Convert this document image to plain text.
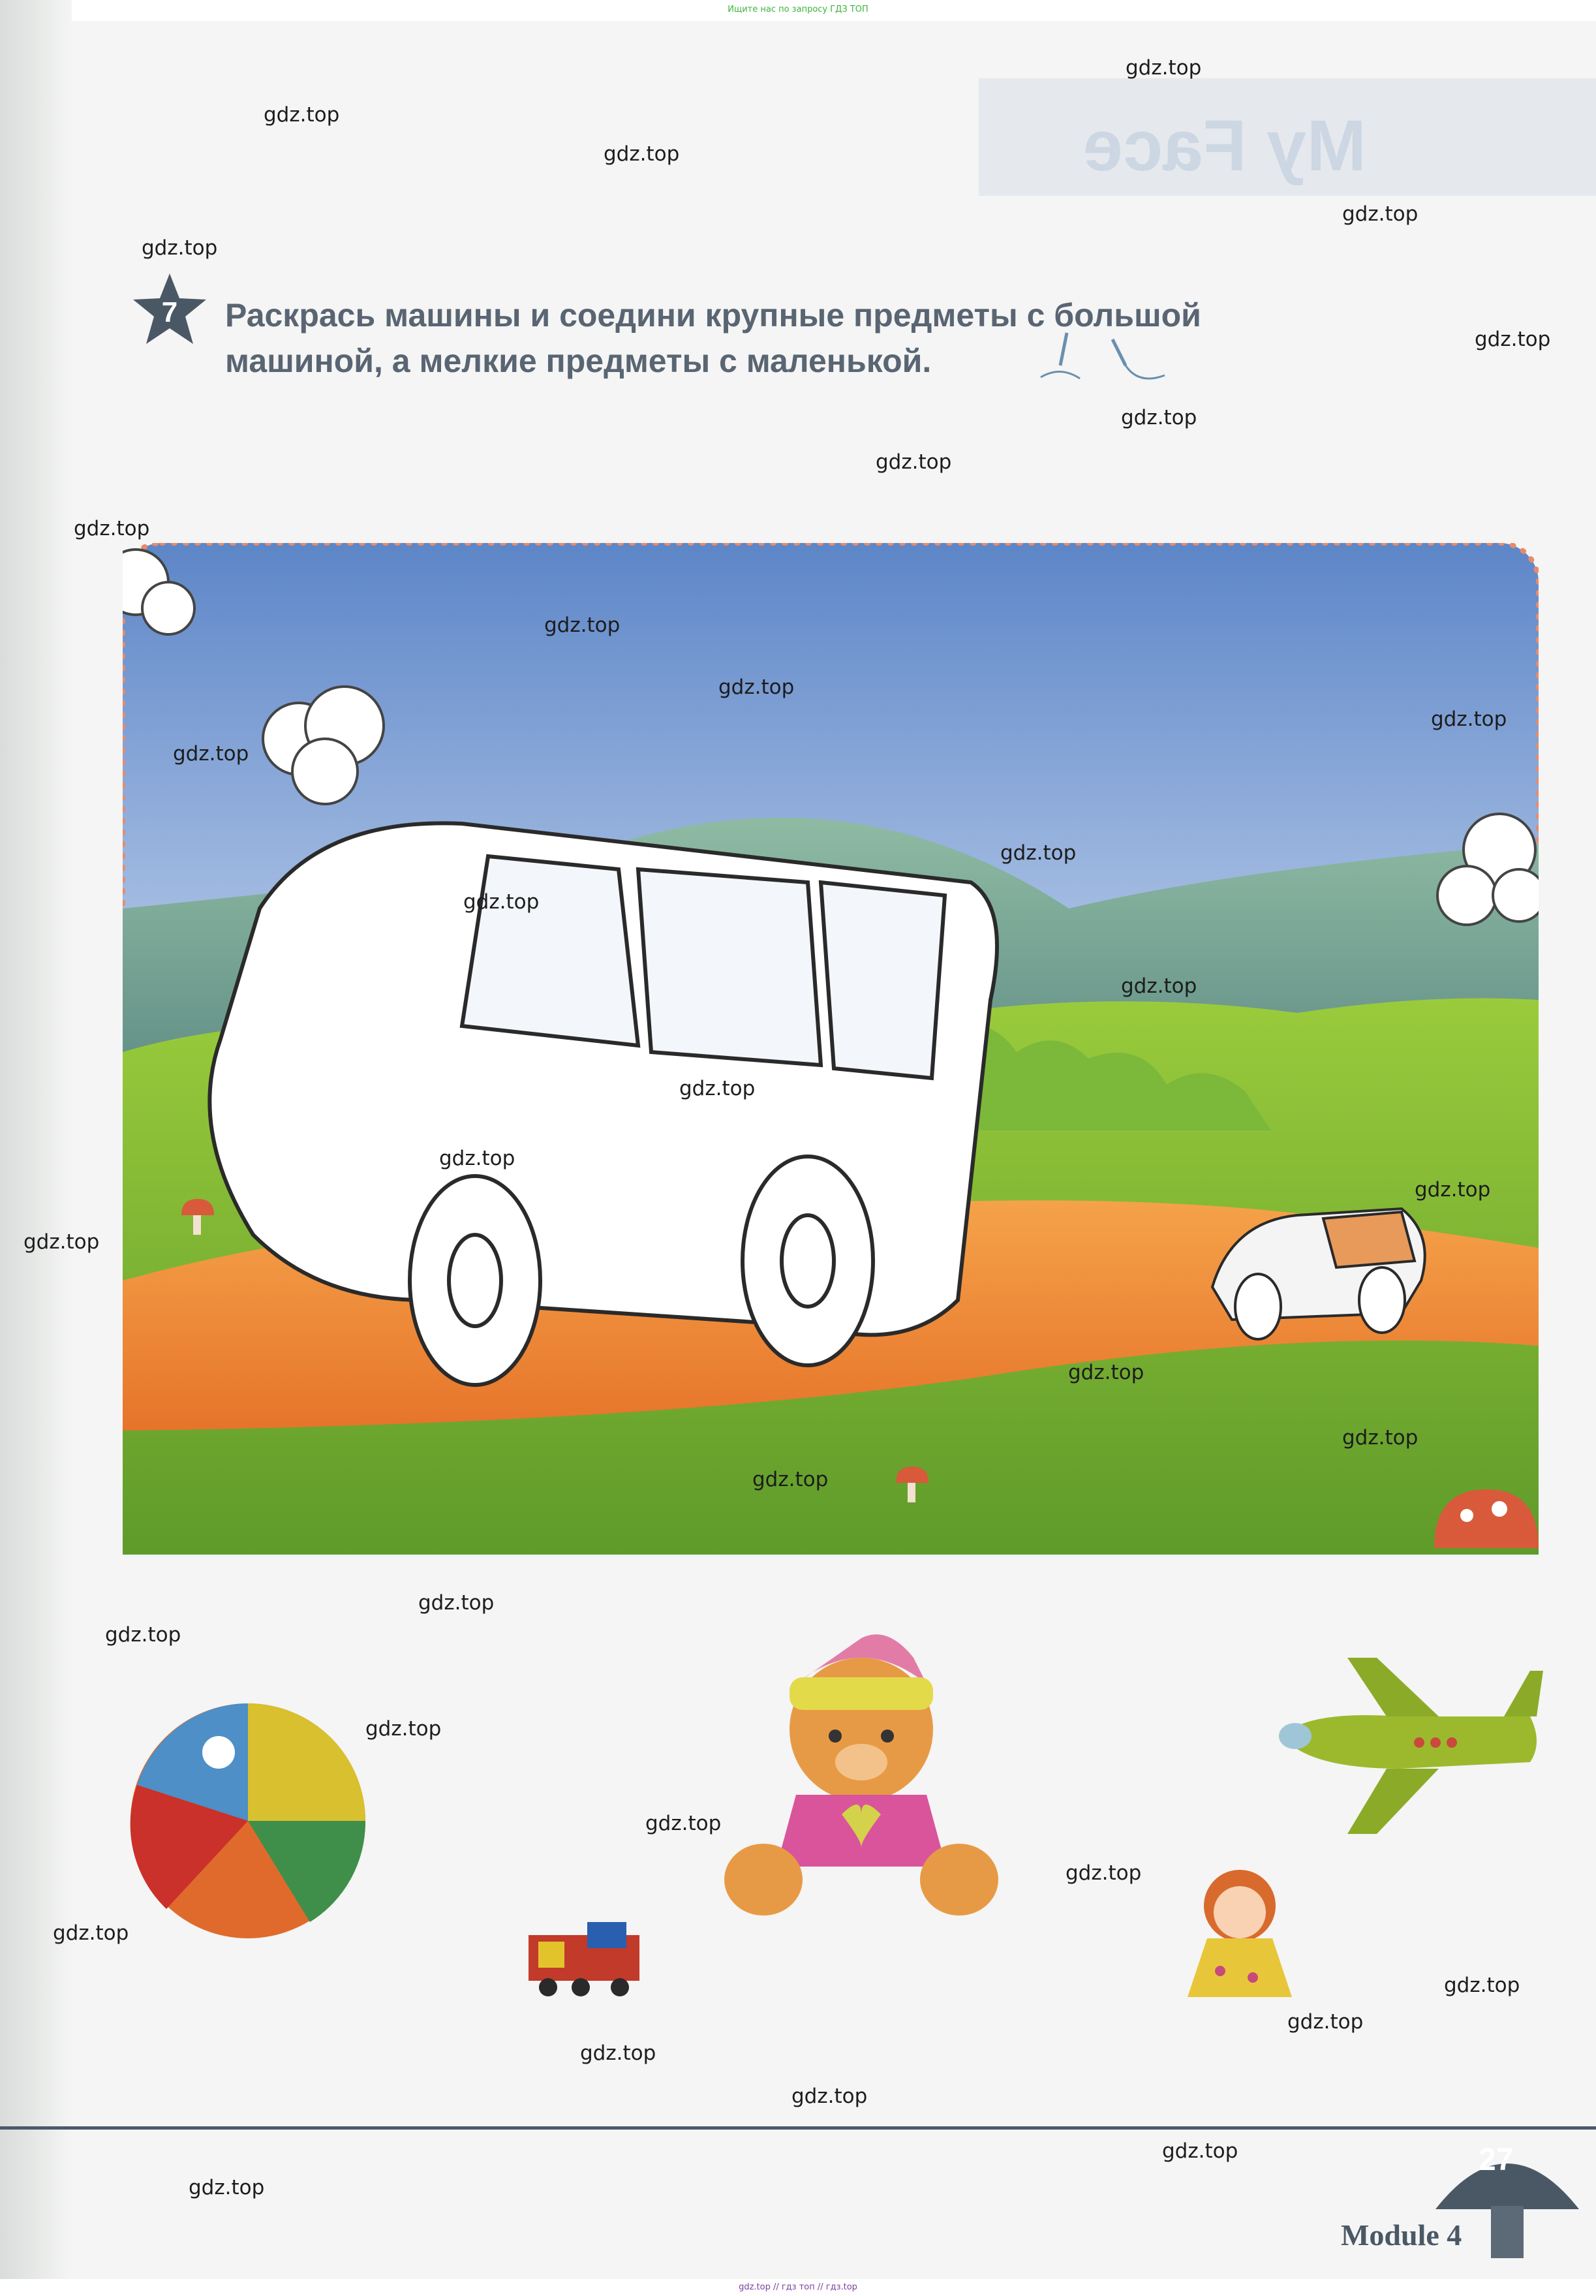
Ищите нас по запросу ГДЗ ТОП
My Face
7 Раскрась машины и соедини крупные предметы с большой
машиной, а мелкие предметы с маленькой.
27
Module 4
gdz.top // гдз топ // гдз.top
gdz.top
gdz.top
gdz.top
gdz.top
gdz.top
gdz.top
gdz.top
gdz.top
gdz.top
gdz.top
gdz.top
gdz.top
gdz.top
gdz.top
gdz.top
gdz.top
gdz.top
gdz.top
gdz.top
gdz.top
gdz.top
gdz.top
gdz.top
gdz.top
gdz.top
gdz.top
gdz.top
gdz.top
gdz.top
gdz.top
gdz.top
gdz.top
gdz.top
gdz.top
gdz.top
